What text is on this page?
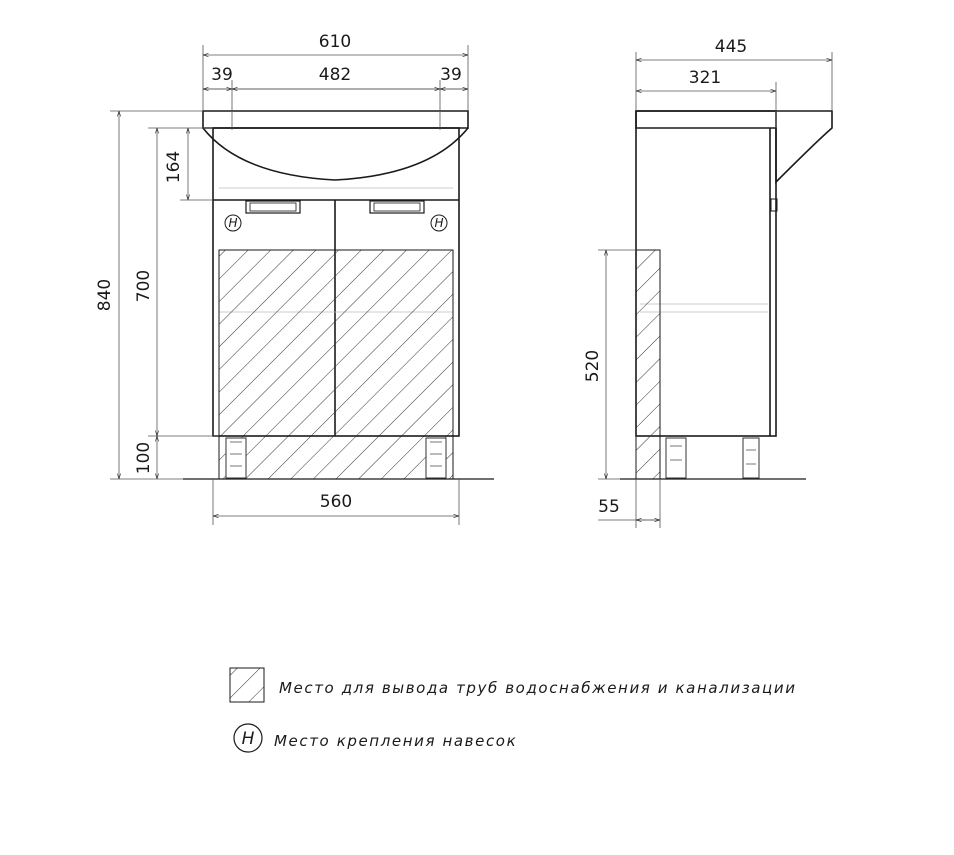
H	H
610
39	482	39
840 700
164
100
560
445
321
520
55
Место для вывода труб водоснабжения и канализации
H Место крепления навесок
